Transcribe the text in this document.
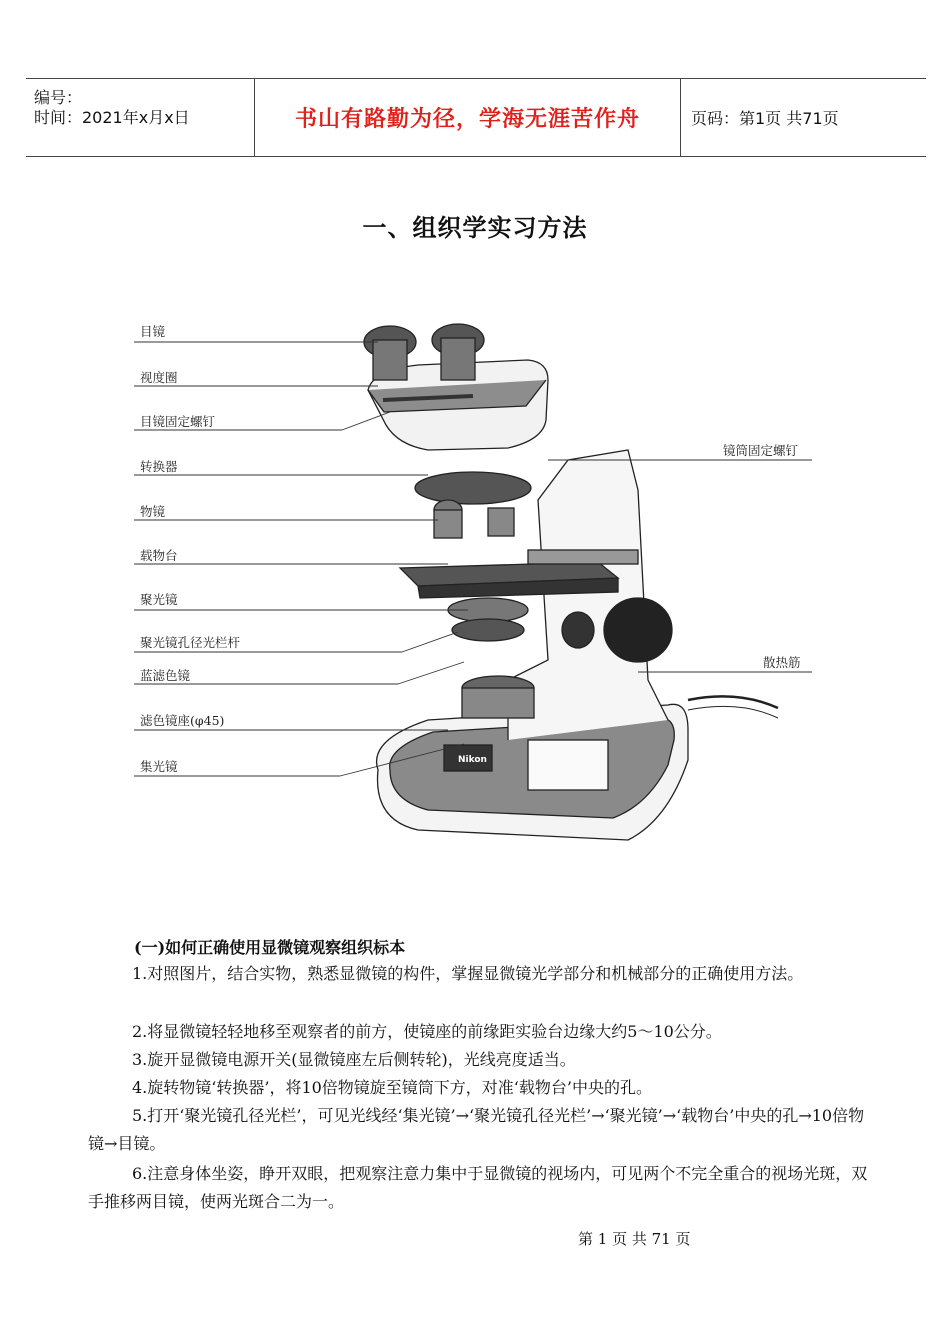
编号：
时间：2021年x月x日	书山有路勤为径，学海无涯苦作舟	页码：第1页 共71页
一、组织学实习方法
Nikon
目镜
视度圈
目镜固定螺钉
转换器
物镜
载物台
聚光镜
聚光镜孔径光栏杆
蓝滤色镜
滤色镜座(φ45)
集光镜
镜筒固定螺钉
散热筋
(一)如何正确使用显微镜观察组织标本
1.对照图片，结合实物，熟悉显微镜的构件，掌握显微镜光学部分和机械部分的正确使用方法。
2.将显微镜轻轻地移至观察者的前方，使镜座的前缘距实验台边缘大约5～10公分。
3.旋开显微镜电源开关(显微镜座左后侧转轮)，光线亮度适当。
4.旋转物镜‘转换器’，将10倍物镜旋至镜筒下方，对准‘载物台’中央的孔。
5.打开‘聚光镜孔径光栏’，可见光线经‘集光镜’→‘聚光镜孔径光栏’→‘聚光镜’→‘载物台’中央的孔→10倍物镜→目镜。
6.注意身体坐姿，睁开双眼，把观察注意力集中于显微镜的视场内，可见两个不完全重合的视场光斑，双手推移两目镜，使两光斑合二为一。
第 1 页 共 71 页
